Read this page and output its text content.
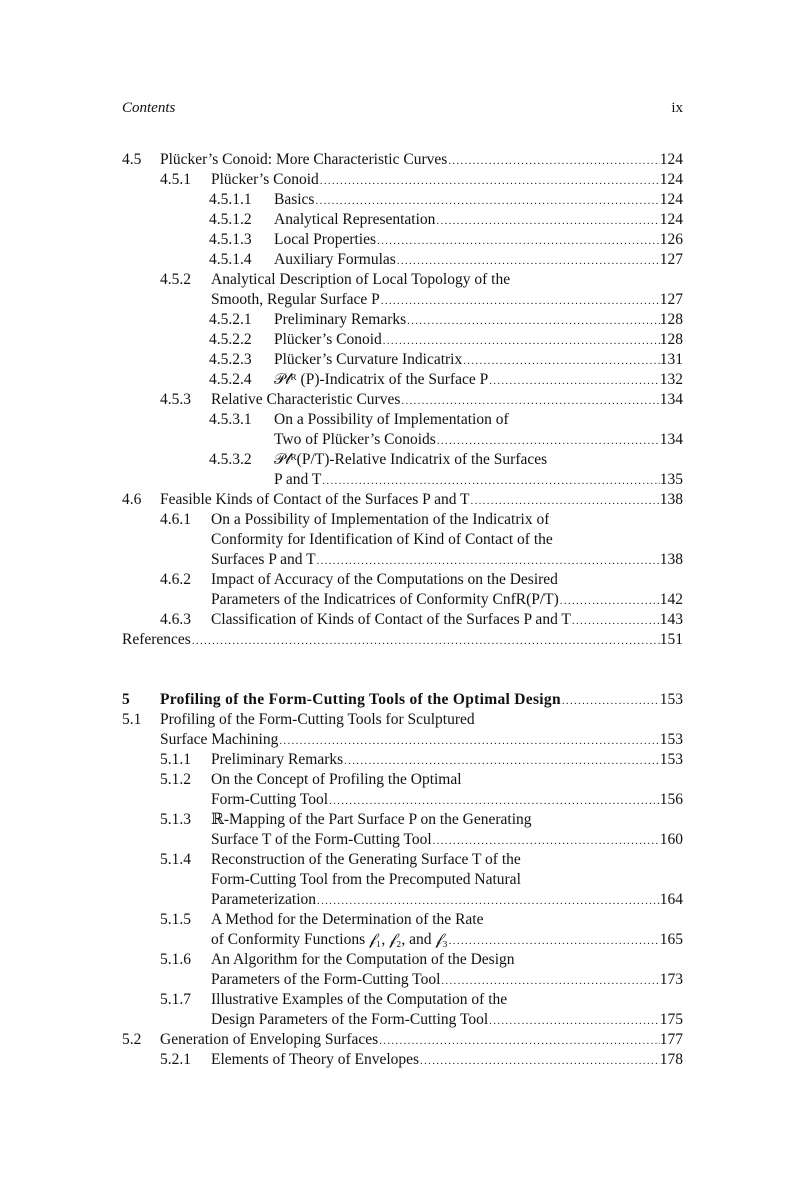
Contents	ix
4.5 Plücker’s Conoid: More Characteristic Curves .....	124
4.5.1 Plücker’s Conoid .....	124
4.5.1.1 Basics .....	124
4.5.1.2 Analytical Representation .....	124
4.5.1.3 Local Properties .....	126
4.5.1.4 Auxiliary Formulas .....	127
4.5.2 Analytical Description of Local Topology of the
Smooth, Regular Surface P .....	127
4.5.2.1 Preliminary Remarks .....	128
4.5.2.2 Plücker’s Conoid .....	128
4.5.2.3 Plücker’s Curvature Indicatrix .....	131
4.5.2.4 𝒫𝓁ᴿ (P)-Indicatrix of the Surface P .....	132
4.5.3 Relative Characteristic Curves .....	134
4.5.3.1 On a Possibility of Implementation of
Two of Plücker’s Conoids .....	134
4.5.3.2 𝒫𝓁ᴿ(P/T)-Relative Indicatrix of the Surfaces
P and T .....	135
4.6 Feasible Kinds of Contact of the Surfaces P and T .....	138
4.6.1 On a Possibility of Implementation of the Indicatrix of
Conformity for Identification of Kind of Contact of the
Surfaces P and T .....	138
4.6.2 Impact of Accuracy of the Computations on the Desired
Parameters of the Indicatrices of Conformity CnfR(P/T) .....	142
4.6.3 Classification of Kinds of Contact of the Surfaces P and T .....	143
References .....	151
5 Profiling of the Form-Cutting Tools of the Optimal Design .....	153
5.1 Profiling of the Form-Cutting Tools for Sculptured
Surface Machining .....	153
5.1.1 Preliminary Remarks .....	153
5.1.2 On the Concept of Profiling the Optimal
Form-Cutting Tool .....	156
5.1.3 ℝ-Mapping of the Part Surface P on the Generating
Surface T of the Form-Cutting Tool .....	160
5.1.4 Reconstruction of the Generating Surface T of the
Form-Cutting Tool from the Precomputed Natural
Parameterization .....	164
5.1.5 A Method for the Determination of the Rate
of Conformity Functions 𝒻₁, 𝒻₂, and 𝒻₃ .....	165
5.1.6 An Algorithm for the Computation of the Design
Parameters of the Form-Cutting Tool .....	173
5.1.7 Illustrative Examples of the Computation of the
Design Parameters of the Form-Cutting Tool .....	175
5.2 Generation of Enveloping Surfaces .....	177
5.2.1 Elements of Theory of Envelopes .....	178
